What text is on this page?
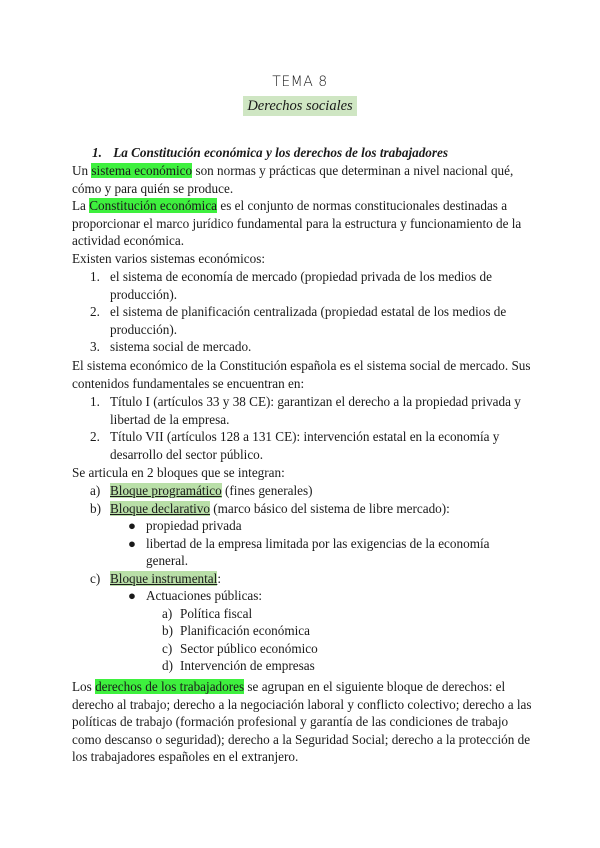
TEMA 8
Derechos sociales
1. La Constitución económica y los derechos de los trabajadores
Un sistema económico son normas y prácticas que determinan a nivel nacional qué, cómo y para quién se produce.
La Constitución económica es el conjunto de normas constitucionales destinadas a proporcionar el marco jurídico fundamental para la estructura y funcionamiento de la actividad económica.
Existen varios sistemas económicos:
1. el sistema de economía de mercado (propiedad privada de los medios de producción).
2. el sistema de planificación centralizada (propiedad estatal de los medios de producción).
3. sistema social de mercado.
El sistema económico de la Constitución española es el sistema social de mercado. Sus contenidos fundamentales se encuentran en:
1. Título I (artículos 33 y 38 CE): garantizan el derecho a la propiedad privada y libertad de la empresa.
2. Título VII (artículos 128 a 131 CE): intervención estatal en la economía y desarrollo del sector público.
Se articula en 2 bloques que se integran:
a) Bloque programático (fines generales)
b) Bloque declarativo (marco básico del sistema de libre mercado):
● propiedad privada
● libertad de la empresa limitada por las exigencias de la economía general.
c) Bloque instrumental:
● Actuaciones públicas:
a) Política fiscal
b) Planificación económica
c) Sector público económico
d) Intervención de empresas
Los derechos de los trabajadores se agrupan en el siguiente bloque de derechos: el derecho al trabajo; derecho a la negociación laboral y conflicto colectivo; derecho a las políticas de trabajo (formación profesional y garantía de las condiciones de trabajo como descanso o seguridad); derecho a la Seguridad Social; derecho a la protección de los trabajadores españoles en el extranjero.
